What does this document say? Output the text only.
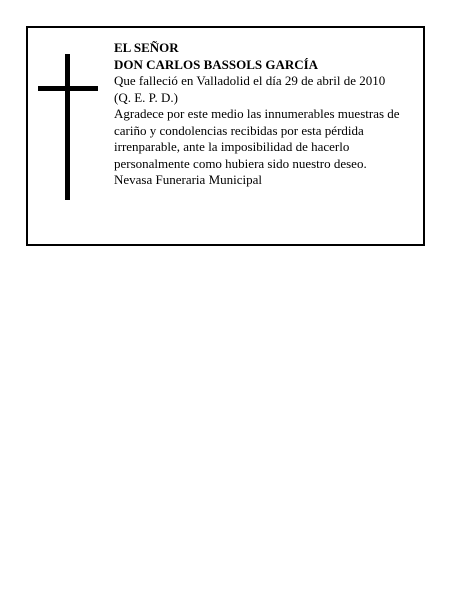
EL SEÑOR

DON CARLOS BASSOLS GARCÍA

Que falleció en Valladolid el día 29 de abril de 2010

(Q. E. P. D.)

Agradece por este medio las innumerables muestras de cariño y condolencias recibidas por esta pérdida irrenparable, ante la imposibilidad de hacerlo personalmente como hubiera sido nuestro deseo.

Nevasa Funeraria Municipal
